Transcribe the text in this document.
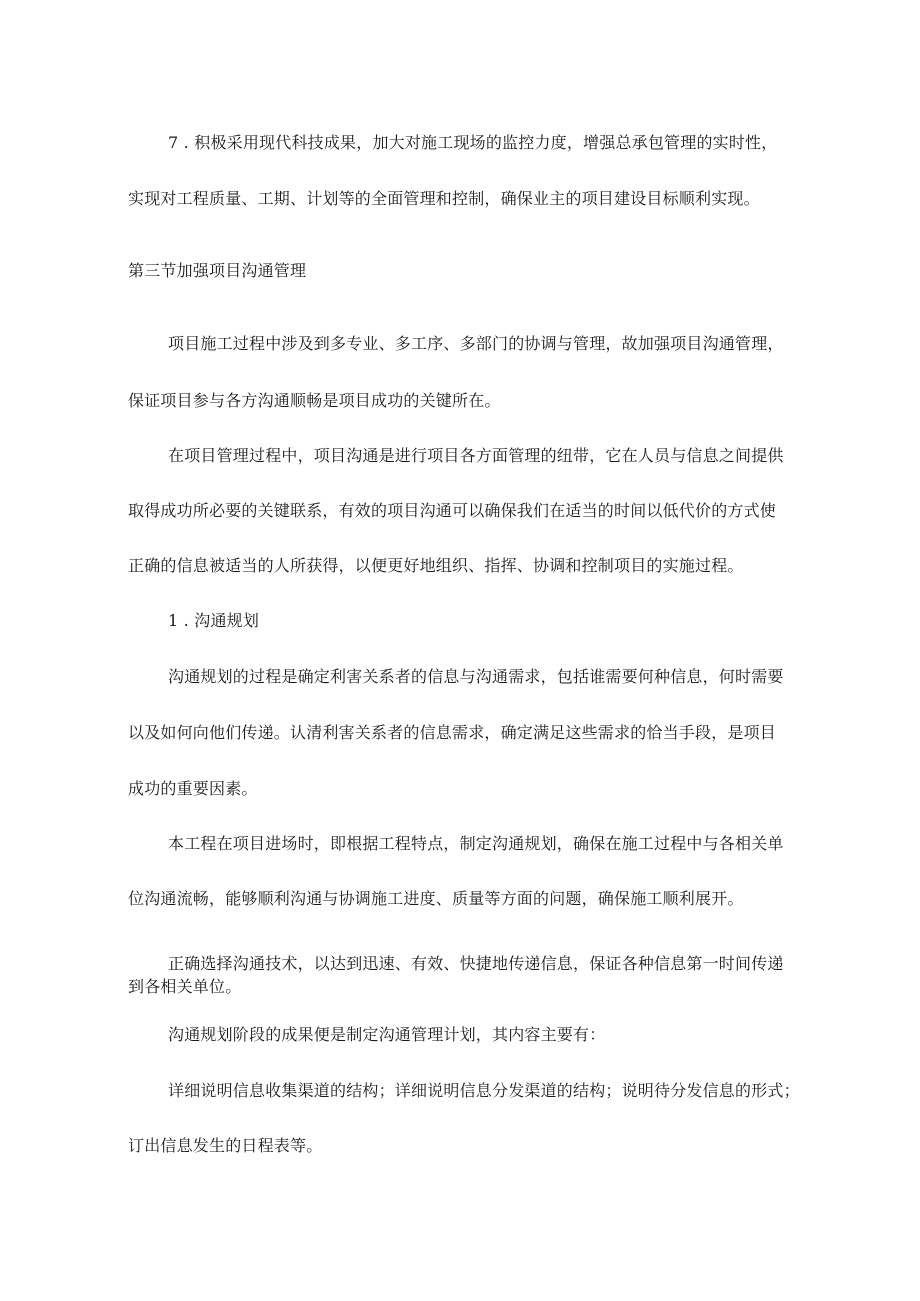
7 . 积极采用现代科技成果，加大对施工现场的监控力度，增强总承包管理的实时性，
实现对工程质量、工期、计划等的全面管理和控制，确保业主的项目建设目标顺利实现。
第三节加强项目沟通管理
项目施工过程中涉及到多专业、多工序、多部门的协调与管理，故加强项目沟通管理，
保证项目参与各方沟通顺畅是项目成功的关键所在。
在项目管理过程中，项目沟通是进行项目各方面管理的纽带，它在人员与信息之间提供
取得成功所必要的关键联系，有效的项目沟通可以确保我们在适当的时间以低代价的方式使
正确的信息被适当的人所获得，以便更好地组织、指挥、协调和控制项目的实施过程。
1 . 沟通规划
沟通规划的过程是确定利害关系者的信息与沟通需求，包括谁需要何种信息，何时需要
以及如何向他们传递。认清利害关系者的信息需求，确定满足这些需求的恰当手段，是项目
成功的重要因素。
本工程在项目进场时，即根据工程特点，制定沟通规划，确保在施工过程中与各相关单
位沟通流畅，能够顺利沟通与协调施工进度、质量等方面的问题，确保施工顺利展开。
正确选择沟通技术，以达到迅速、有效、快捷地传递信息，保证各种信息第一时间传递
到各相关单位。
沟通规划阶段的成果便是制定沟通管理计划，其内容主要有：
详细说明信息收集渠道的结构；详细说明信息分发渠道的结构；说明待分发信息的形式；
订出信息发生的日程表等。
